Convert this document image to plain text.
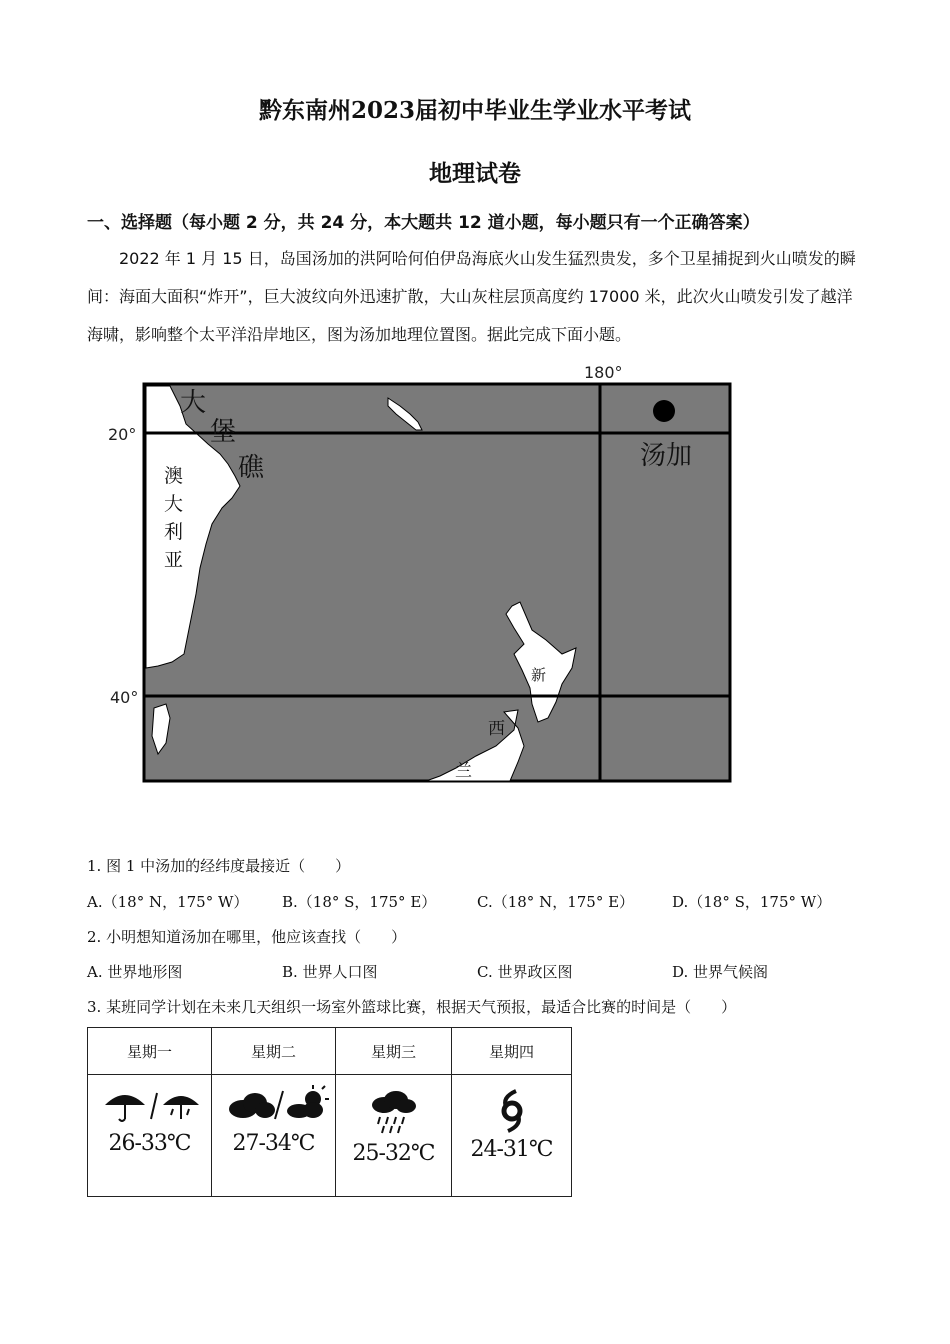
黔东南州2023届初中毕业生学业水平考试
地理试卷

一、选择题（每小题 2 分，共 24 分，本大题共 12 道小题，每小题只有一个正确答案）

2022 年 1 月 15 日，岛国汤加的洪阿哈何伯伊岛海底火山发生猛烈贵发，多个卫星捕捉到火山喷发的瞬间：海面大面积“炸开”，巨大波纹向外迅速扩散，大山灰柱层顶高度约 17000 米，此次火山喷发引发了越洋海啸，影响整个太平洋沿岸地区，图为汤加地理位置图。据此完成下面小题。

180°
20°
40°
汤加
大
堡
礁
澳
大
利
亚
新
西
兰

1. 图 1 中汤加的经纬度最接近（　　）

A.（18° N，175° W）	B.（18° S，175° E）	C.（18° N，175° E）	D.（18° S，175° W）

2. 小明想知道汤加在哪里，他应该查找（　　）

A. 世界地形图	B. 世界人口图	C. 世界政区图	D. 世界气候阁

3. 某班同学计划在未来几天组织一场室外篮球比赛，根据天气预报，最适合比赛的时间是（　　）

星期一	星期二	星期三	星期四

26-33℃	27-34℃	25-32℃	24-31℃
